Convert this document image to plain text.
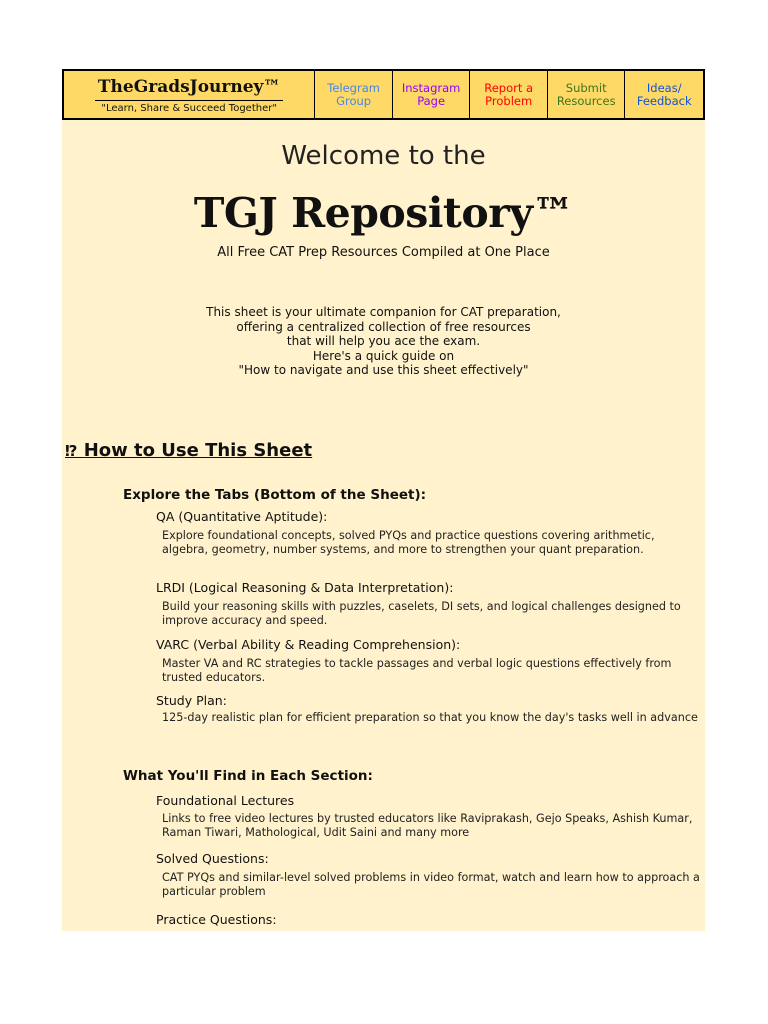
TheGradsJourney™
"Learn, Share & Succeed Together"
Telegram Group
Instagram Page
Report a Problem
Submit Resources
Ideas/ Feedback
Welcome to the
TGJ Repository™
All Free CAT Prep Resources Compiled at One Place
This sheet is your ultimate companion for CAT preparation,
offering a centralized collection of free resources
that will help you ace the exam.
Here's a quick guide on
"How to navigate and use this sheet effectively"
⁉ How to Use This Sheet
Explore the Tabs (Bottom of the Sheet):
QA (Quantitative Aptitude):
Explore foundational concepts, solved PYQs and practice questions covering arithmetic, algebra, geometry, number systems, and more to strengthen your quant preparation.
LRDI (Logical Reasoning & Data Interpretation):
Build your reasoning skills with puzzles, caselets, DI sets, and logical challenges designed to improve accuracy and speed.
VARC (Verbal Ability & Reading Comprehension):
Master VA and RC strategies to tackle passages and verbal logic questions effectively from trusted educators.
Study Plan:
125-day realistic plan for efficient preparation so that you know the day's tasks well in advance
What You'll Find in Each Section:
Foundational Lectures
Links to free video lectures by trusted educators like Raviprakash, Gejo Speaks, Ashish Kumar, Raman Tiwari, Mathological, Udit Saini and many more
Solved Questions:
CAT PYQs and similar-level solved problems in video format, watch and learn how to approach a particular problem
Practice Questions:
